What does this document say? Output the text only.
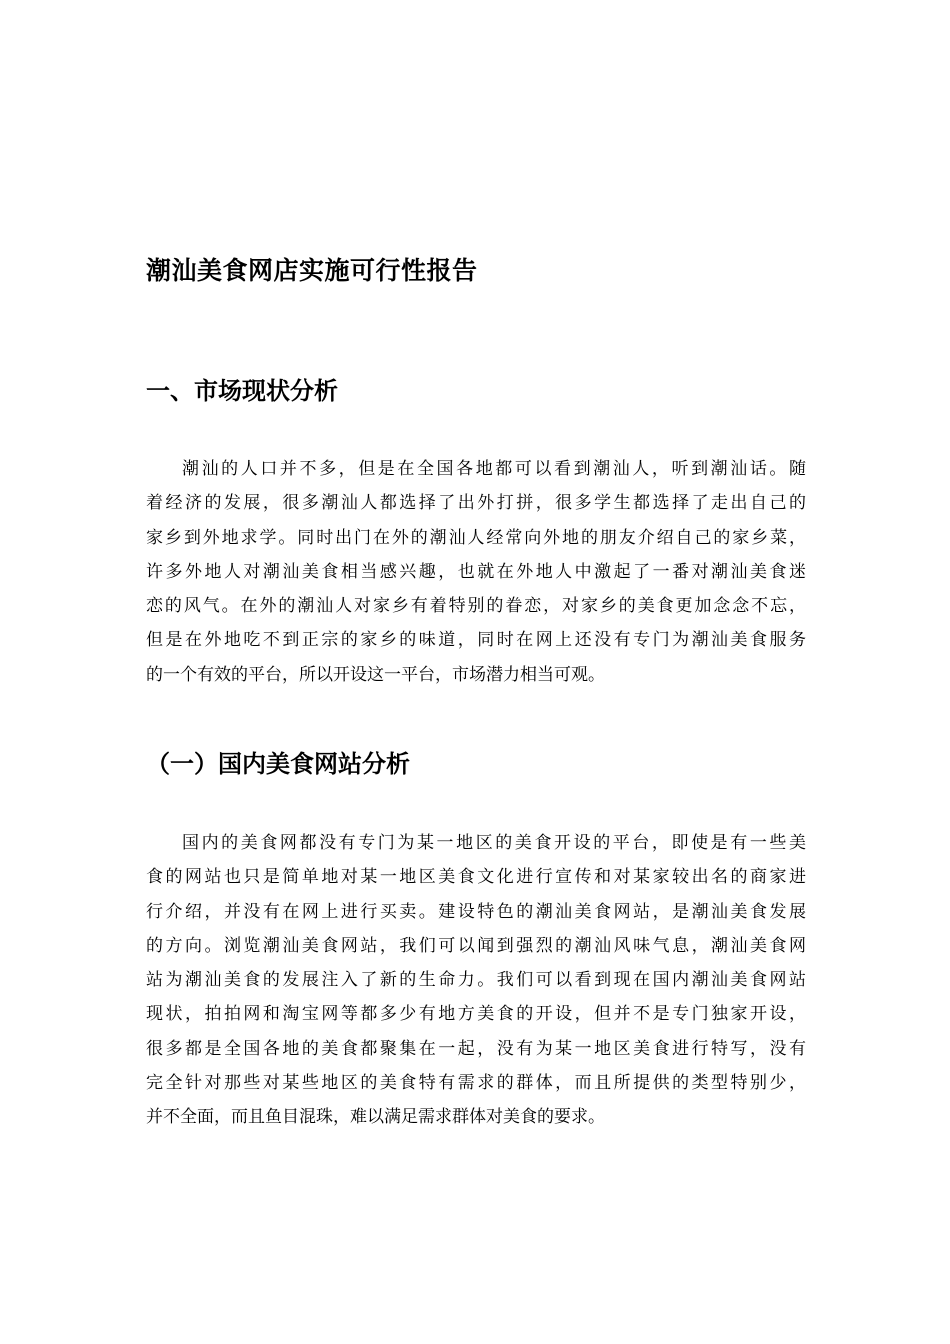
潮汕美食网店实施可行性报告
一、市场现状分析
潮汕的人口并不多，但是在全国各地都可以看到潮汕人，听到潮汕话。随
着经济的发展，很多潮汕人都选择了出外打拼，很多学生都选择了走出自己的
家乡到外地求学。同时出门在外的潮汕人经常向外地的朋友介绍自己的家乡菜，
许多外地人对潮汕美食相当感兴趣，也就在外地人中激起了一番对潮汕美食迷
恋的风气。在外的潮汕人对家乡有着特别的眷恋，对家乡的美食更加念念不忘，
但是在外地吃不到正宗的家乡的味道，同时在网上还没有专门为潮汕美食服务
的一个有效的平台，所以开设这一平台，市场潜力相当可观。
（一）国内美食网站分析
国内的美食网都没有专门为某一地区的美食开设的平台，即使是有一些美
食的网站也只是简单地对某一地区美食文化进行宣传和对某家较出名的商家进
行介绍，并没有在网上进行买卖。建设特色的潮汕美食网站，是潮汕美食发展
的方向。浏览潮汕美食网站，我们可以闻到强烈的潮汕风味气息，潮汕美食网
站为潮汕美食的发展注入了新的生命力。我们可以看到现在国内潮汕美食网站
现状，拍拍网和淘宝网等都多少有地方美食的开设，但并不是专门独家开设，
很多都是全国各地的美食都聚集在一起，没有为某一地区美食进行特写，没有
完全针对那些对某些地区的美食特有需求的群体，而且所提供的类型特别少，
并不全面，而且鱼目混珠，难以满足需求群体对美食的要求。
